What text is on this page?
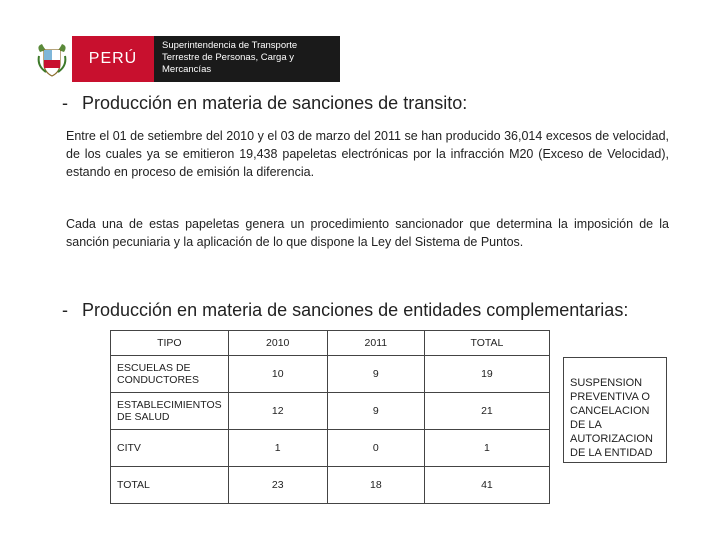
PERÚ
Superintendencia de Transporte
Terrestre de Personas, Carga y
Mercancías
- Producción en materia de sanciones de transito:

Entre el 01 de setiembre del 2010 y el 03 de marzo del 2011 se han producido 36,014 excesos de velocidad, de los cuales ya se emitieron 19,438 papeletas electrónicas por la infracción M20 (Exceso de Velocidad), estando en proceso de emisión la diferencia.

Cada una de estas papeletas genera un procedimiento sancionador que determina la imposición de la sanción pecuniaria y la aplicación de lo que dispone la Ley del Sistema de Puntos.

- Producción en materia de sanciones de entidades complementarias:
TIPO	2010	2011	TOTAL
ESCUELAS DE CONDUCTORES	10	9	19
ESTABLECIMIENTOS DE SALUD	12	9	21
CITV	1	0	1
TOTAL	23	18	41
SUSPENSION PREVENTIVA O CANCELACION DE LA AUTORIZACION DE LA ENTIDAD
